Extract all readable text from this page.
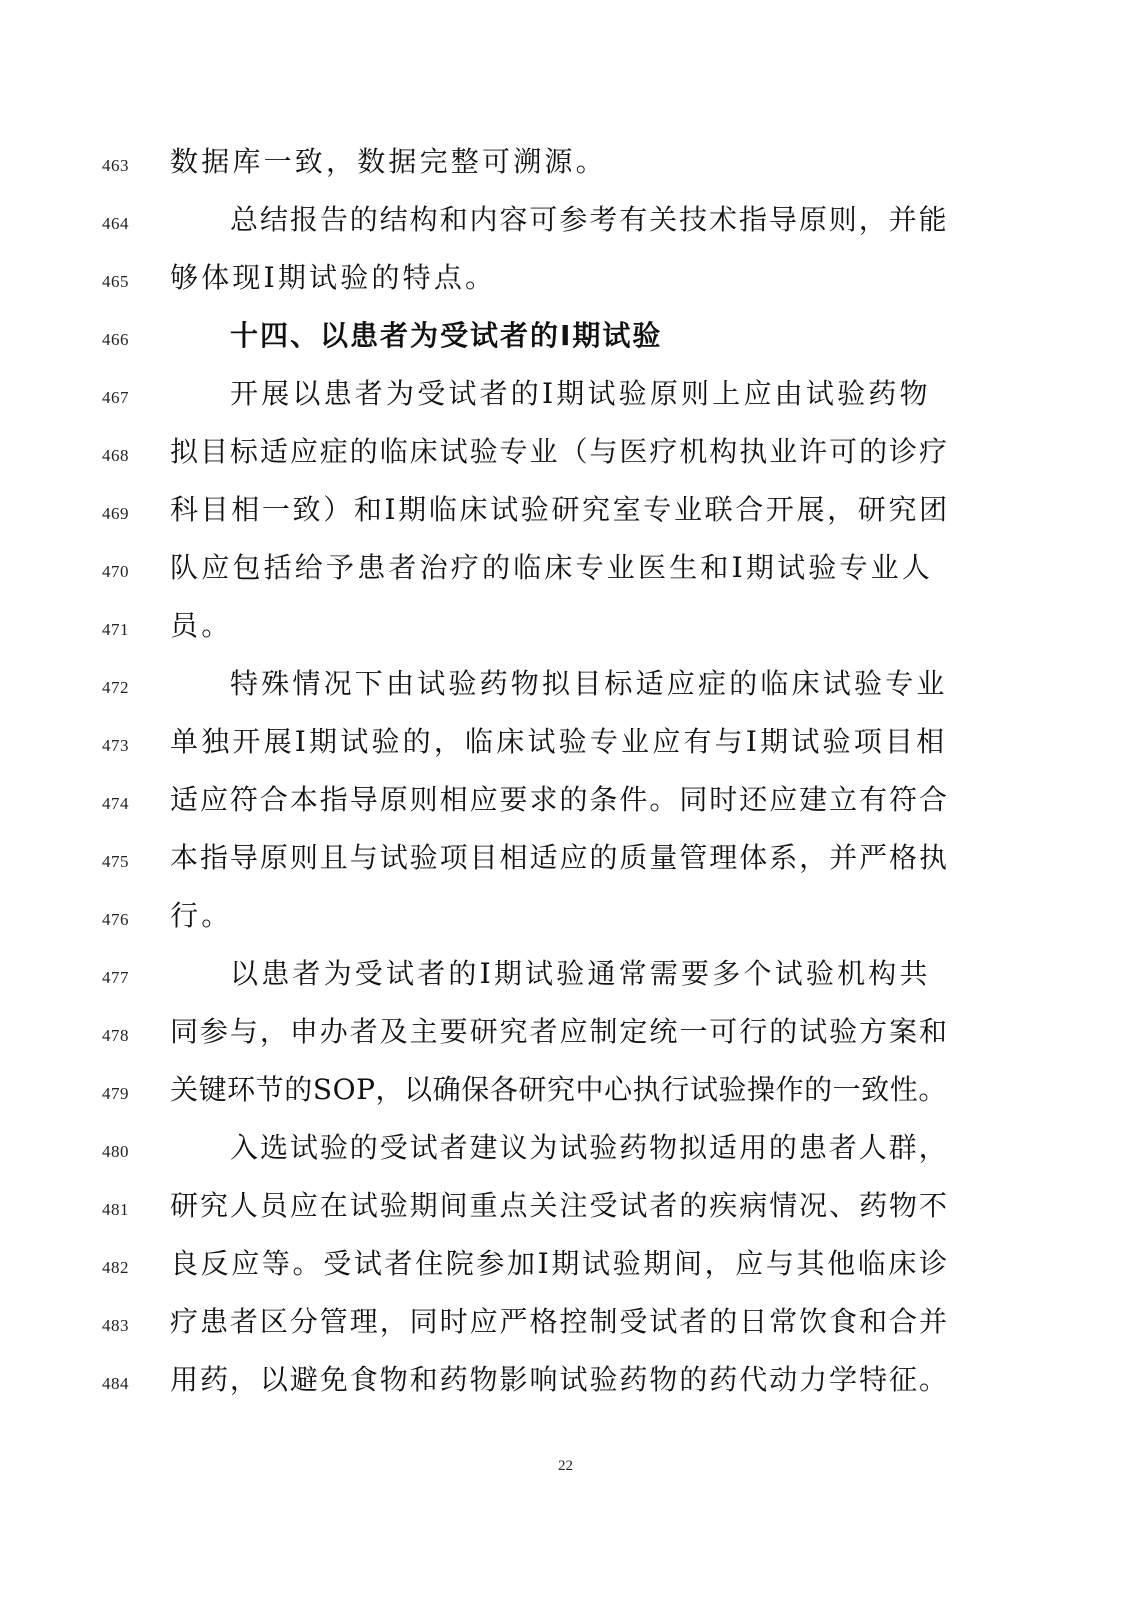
463	数据库一致，数据完整可溯源。
464	总结报告的结构和内容可参考有关技术指导原则，并能
465	够体现Ⅰ期试验的特点。
466	十四、以患者为受试者的Ⅰ期试验
467	开展以患者为受试者的Ⅰ期试验原则上应由试验药物
468	拟目标适应症的临床试验专业（与医疗机构执业许可的诊疗
469	科目相一致）和Ⅰ期临床试验研究室专业联合开展，研究团
470	队应包括给予患者治疗的临床专业医生和Ⅰ期试验专业人
471	员。
472	特殊情况下由试验药物拟目标适应症的临床试验专业
473	单独开展Ⅰ期试验的，临床试验专业应有与Ⅰ期试验项目相
474	适应符合本指导原则相应要求的条件。同时还应建立有符合
475	本指导原则且与试验项目相适应的质量管理体系，并严格执
476	行。
477	以患者为受试者的Ⅰ期试验通常需要多个试验机构共
478	同参与，申办者及主要研究者应制定统一可行的试验方案和
479	关键环节的SOP，以确保各研究中心执行试验操作的一致性。
480	入选试验的受试者建议为试验药物拟适用的患者人群，
481	研究人员应在试验期间重点关注受试者的疾病情况、药物不
482	良反应等。受试者住院参加Ⅰ期试验期间，应与其他临床诊
483	疗患者区分管理，同时应严格控制受试者的日常饮食和合并
484	用药，以避免食物和药物影响试验药物的药代动力学特征。
22
